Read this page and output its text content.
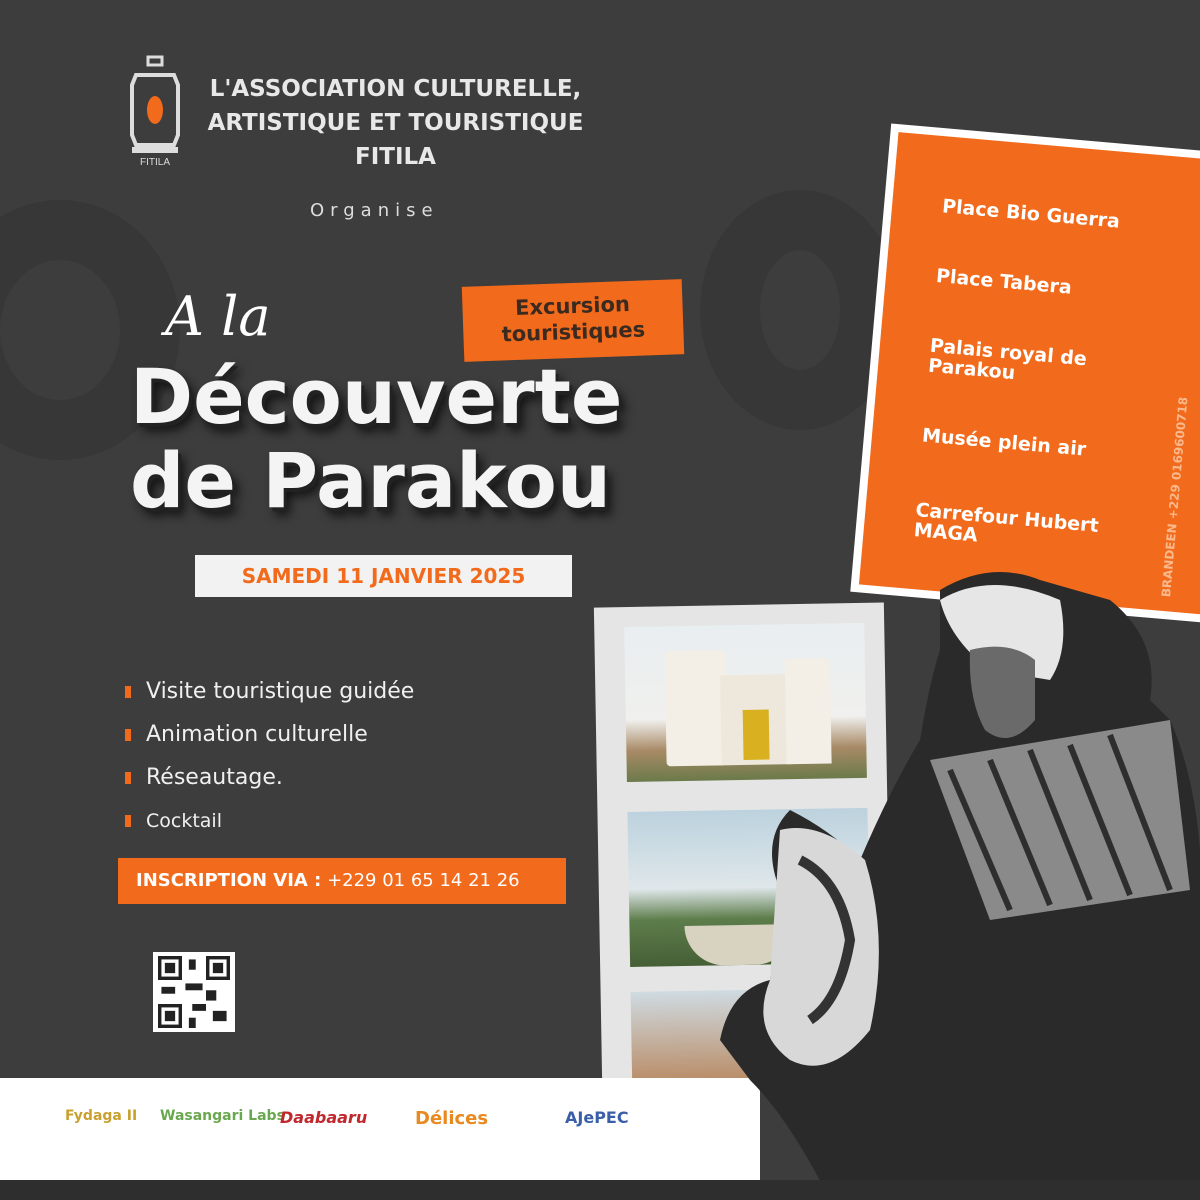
FITILA
L'ASSOCIATION CULTURELLE,
ARTISTIQUE ET TOURISTIQUE
FITILA
Organise
A la	Excursion
touristiques
Découverte
de Parakou
SAMEDI 11 JANVIER 2025
Visite touristique guidée
Animation culturelle
Réseautage.
Cocktail
INSCRIPTION VIA : +229 01 65 14 21 26
Place Bio Guerra
Place Tabera
Palais royal de Parakou
Musée plein air
Carrefour Hubert MAGA	BRANDEEN +229 0169600718
Fydaga II Wasangari Labs
Daabaaru	Délices	AJePEC
